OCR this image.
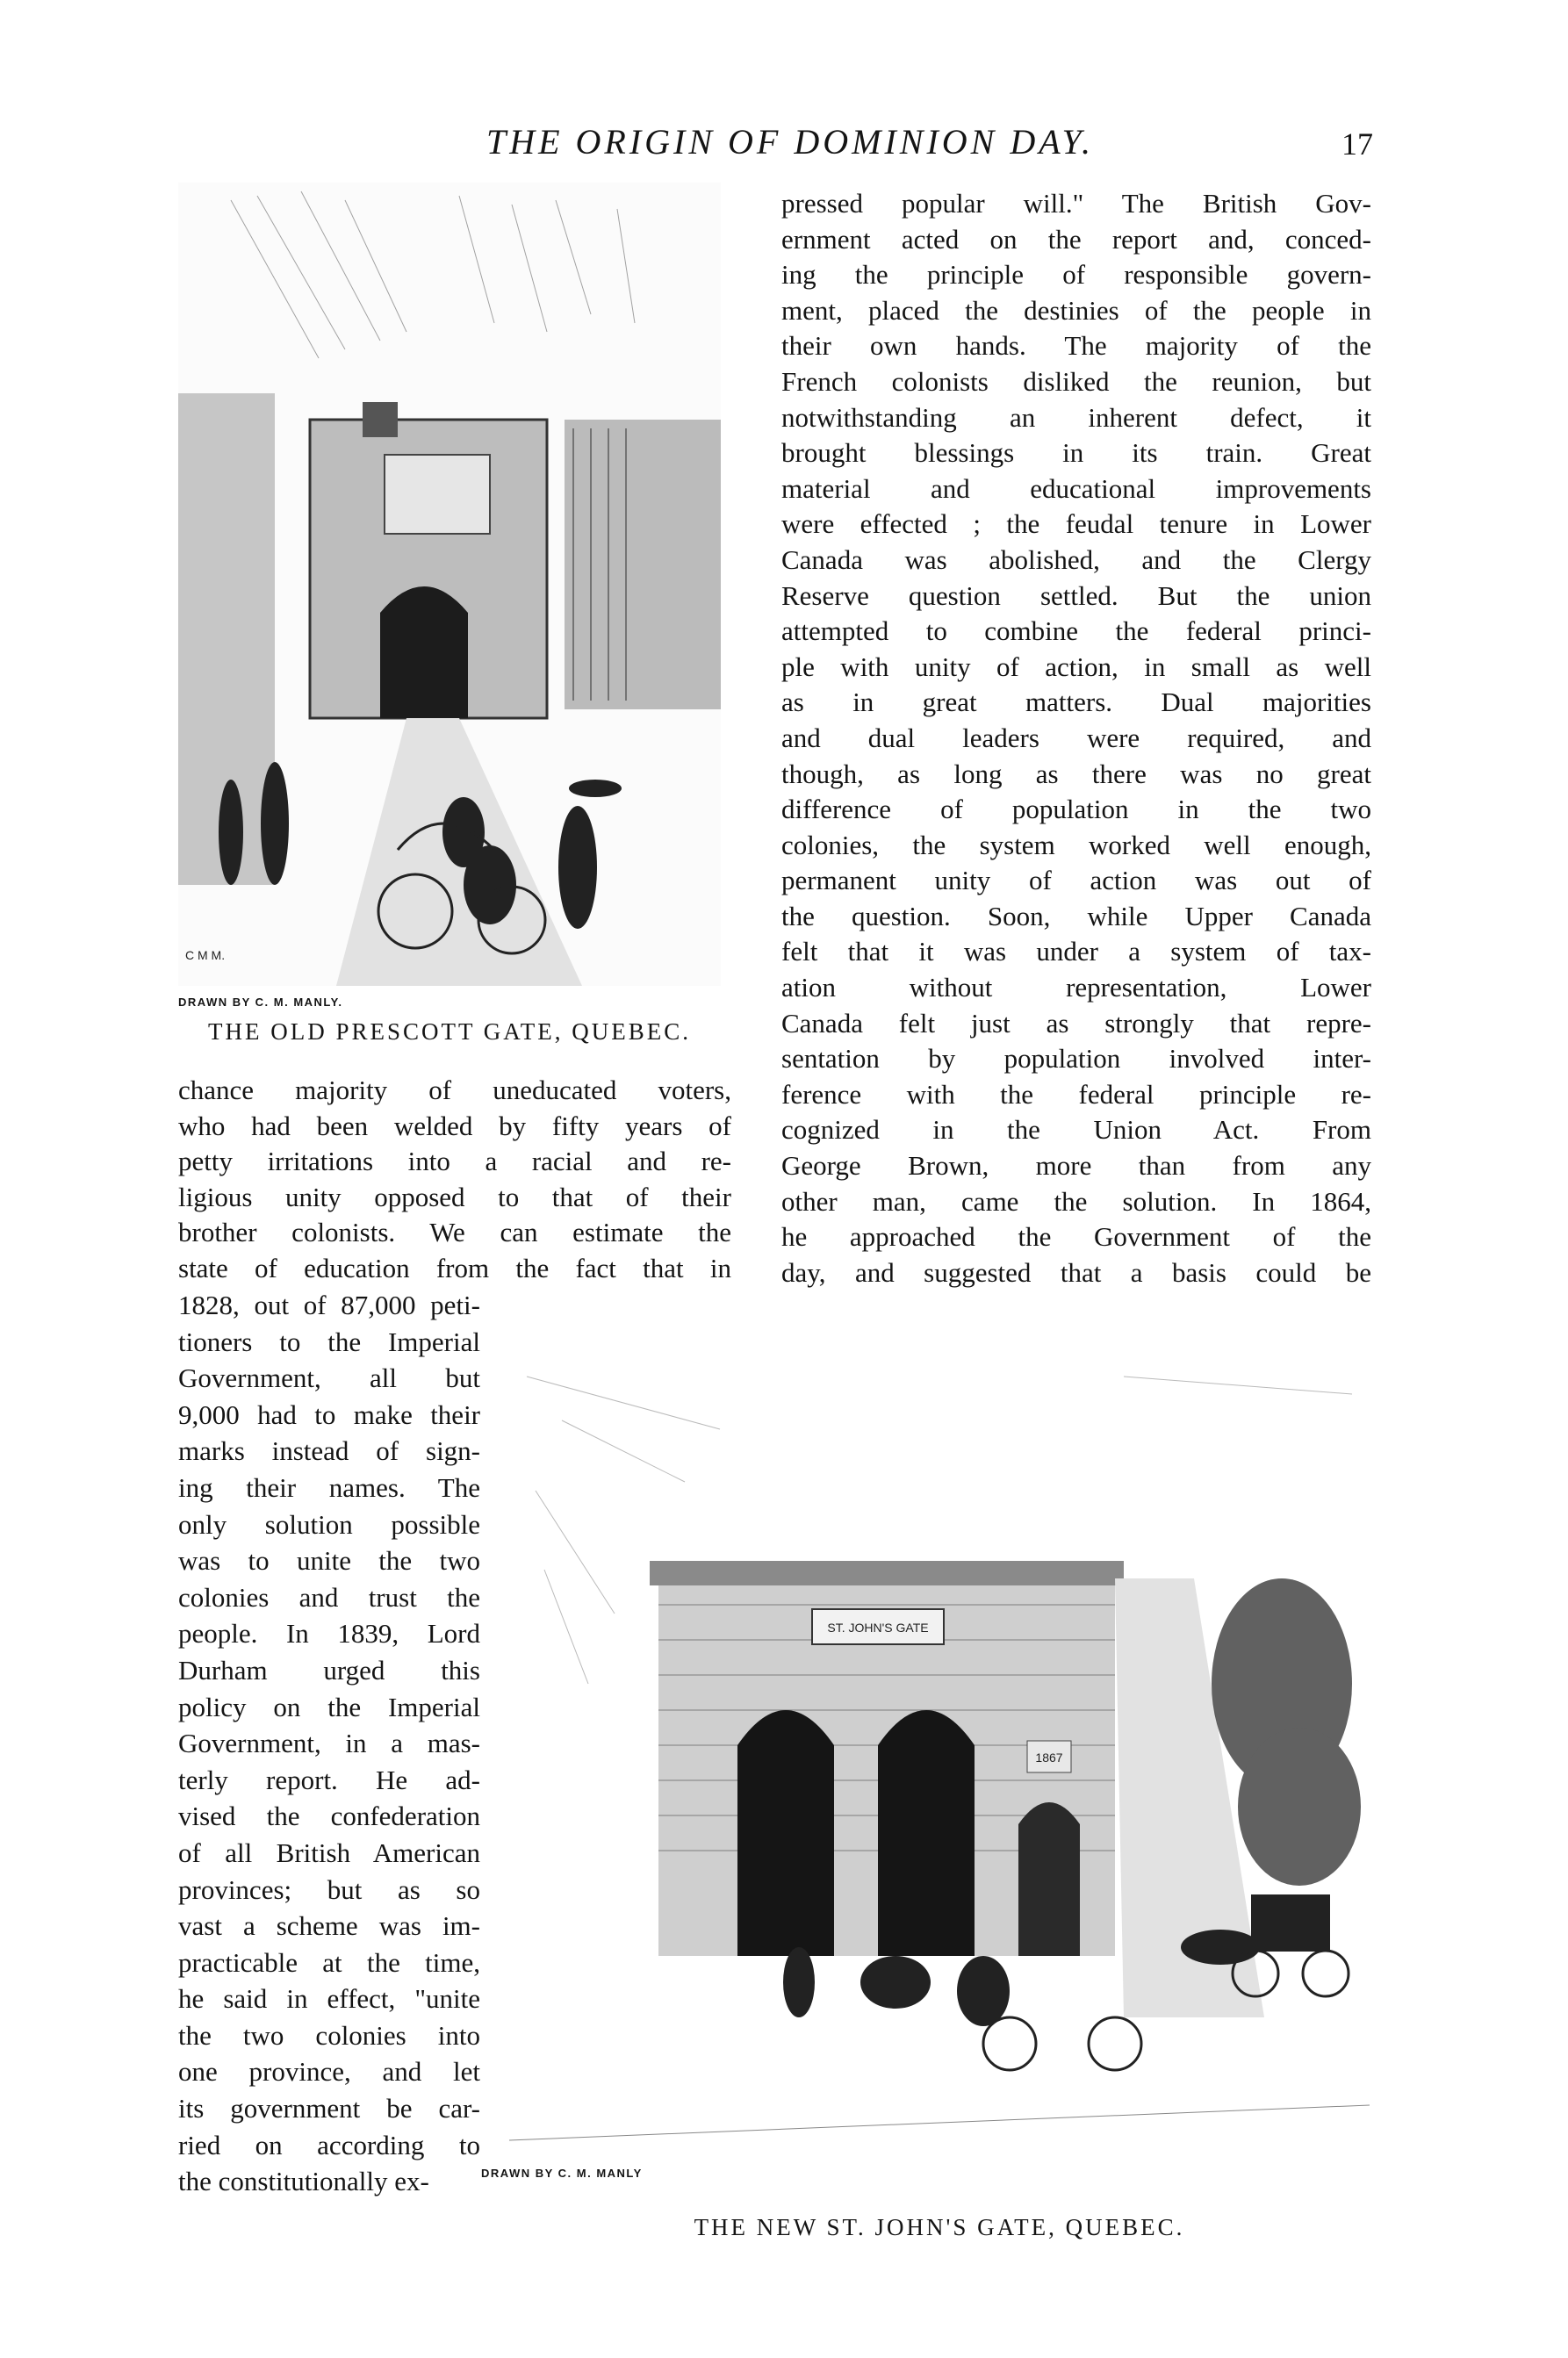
THE ORIGIN OF DOMINION DAY.	17
C M M.
DRAWN BY C. M. MANLY.
THE OLD PRESCOTT GATE, QUEBEC.

pressed popular will." The British Gov-

ernment acted on the report and, conced-

ing the principle of responsible govern-

ment, placed the destinies of the people in

their own hands. The majority of the

French colonists disliked the reunion, but

notwithstanding an inherent defect, it

brought blessings in its train. Great

material and educational improvements

were effected ; the feudal tenure in Lower

Canada was abolished, and the Clergy

Reserve question settled. But the union

attempted to combine the federal princi-

ple with unity of action, in small as well

as in great matters. Dual majorities

and dual leaders were required, and

though, as long as there was no great

difference of population in the two

colonies, the system worked well enough,

permanent unity of action was out of

the question. Soon, while Upper Canada

felt that it was under a system of tax-

ation without representation, Lower

Canada felt just as strongly that repre-

sentation by population involved inter-

ference with the federal principle re-

cognized in the Union Act. From

George Brown, more than from any

other man, came the solution. In 1864,

he approached the Government of the

day, and suggested that a basis could be

chance majority of uneducated voters,

who had been welded by fifty years of

petty irritations into a racial and re-

ligious unity opposed to that of their

brother colonists. We can estimate the

state of education from the fact that in

1828, out of 87,000 peti-

tioners to the Imperial

Government, all but

9,000 had to make their

marks instead of sign-

ing their names. The

only solution possible

was to unite the two

colonies and trust the

people. In 1839, Lord

Durham urged this

policy on the Imperial

Government, in a mas-

terly report. He ad-

vised the confederation

of all British American

provinces; but as so

vast a scheme was im-

practicable at the time,

he said in effect, "unite

the two colonies into

one province, and let

its government be car-

ried on according to

the constitutionally ex-

ST. JOHN'S GATE
1867
DRAWN BY C. M. MANLY
THE NEW ST. JOHN'S GATE, QUEBEC.
